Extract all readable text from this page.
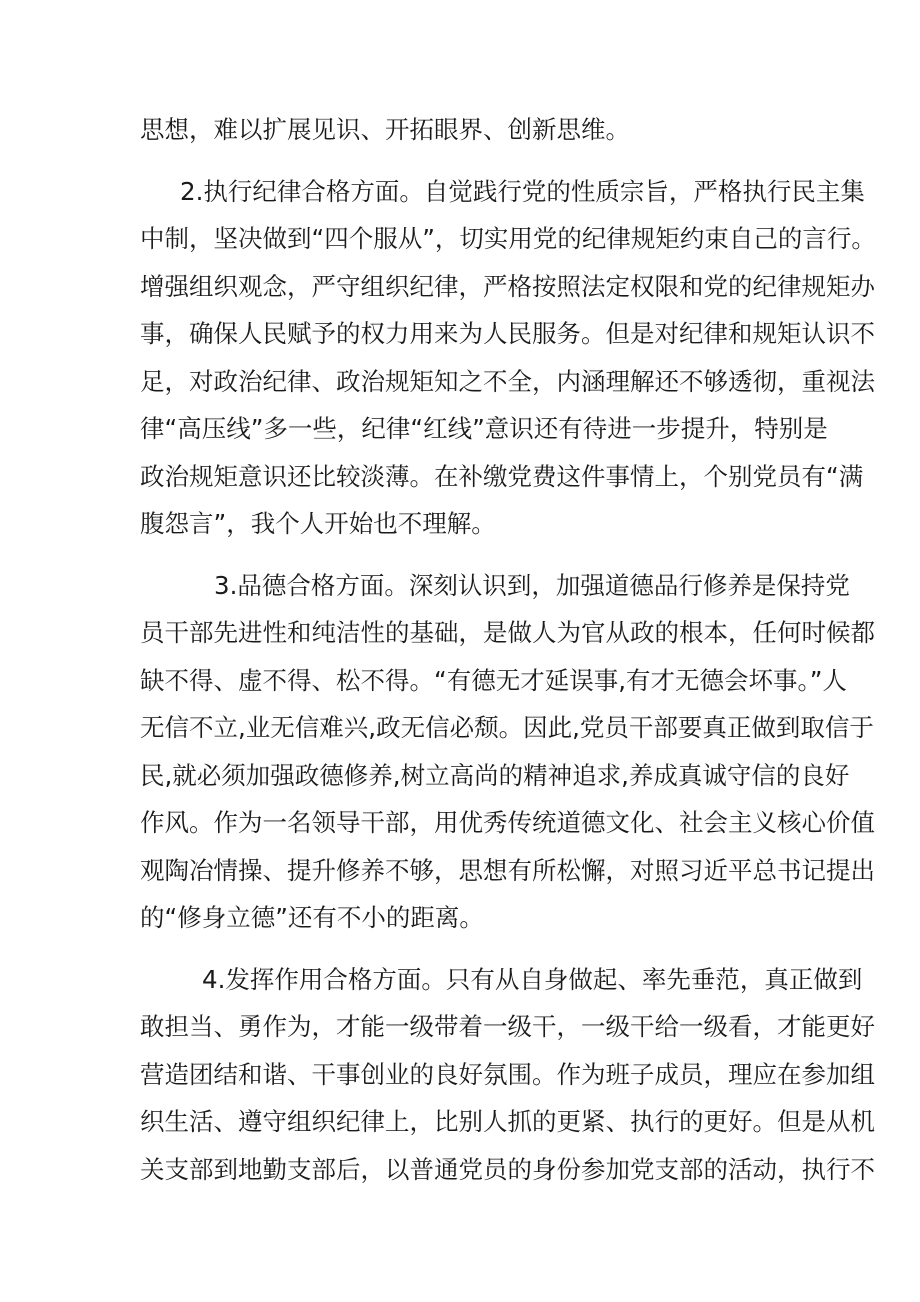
思想，难以扩展见识、开拓眼界、创新思维。
2.执行纪律合格方面。自觉践行党的性质宗旨，严格执行民主集
中制，坚决做到“四个服从”，切实用党的纪律规矩约束自己的言行。
增强组织观念，严守组织纪律，严格按照法定权限和党的纪律规矩办
事，确保人民赋予的权力用来为人民服务。但是对纪律和规矩认识不
足，对政治纪律、政治规矩知之不全，内涵理解还不够透彻，重视法
律“高压线”多一些，纪律“红线”意识还有待进一步提升，特别是
政治规矩意识还比较淡薄。在补缴党费这件事情上，个别党员有“满
腹怨言”，我个人开始也不理解。
3.品德合格方面。深刻认识到，加强道德品行修养是保持党
员干部先进性和纯洁性的基础，是做人为官从政的根本，任何时候都
缺不得、虚不得、松不得。“有德无才延误事,有才无德会坏事。”人
无信不立,业无信难兴,政无信必颓。因此,党员干部要真正做到取信于
民,就必须加强政德修养,树立高尚的精神追求,养成真诚守信的良好
作风。作为一名领导干部，用优秀传统道德文化、社会主义核心价值
观陶冶情操、提升修养不够，思想有所松懈，对照习近平总书记提出
的“修身立德”还有不小的距离。
4.发挥作用合格方面。只有从自身做起、率先垂范，真正做到
敢担当、勇作为，才能一级带着一级干，一级干给一级看，才能更好
营造团结和谐、干事创业的良好氛围。作为班子成员，理应在参加组
织生活、遵守组织纪律上，比别人抓的更紧、执行的更好。但是从机
关支部到地勤支部后，以普通党员的身份参加党支部的活动，执行不
